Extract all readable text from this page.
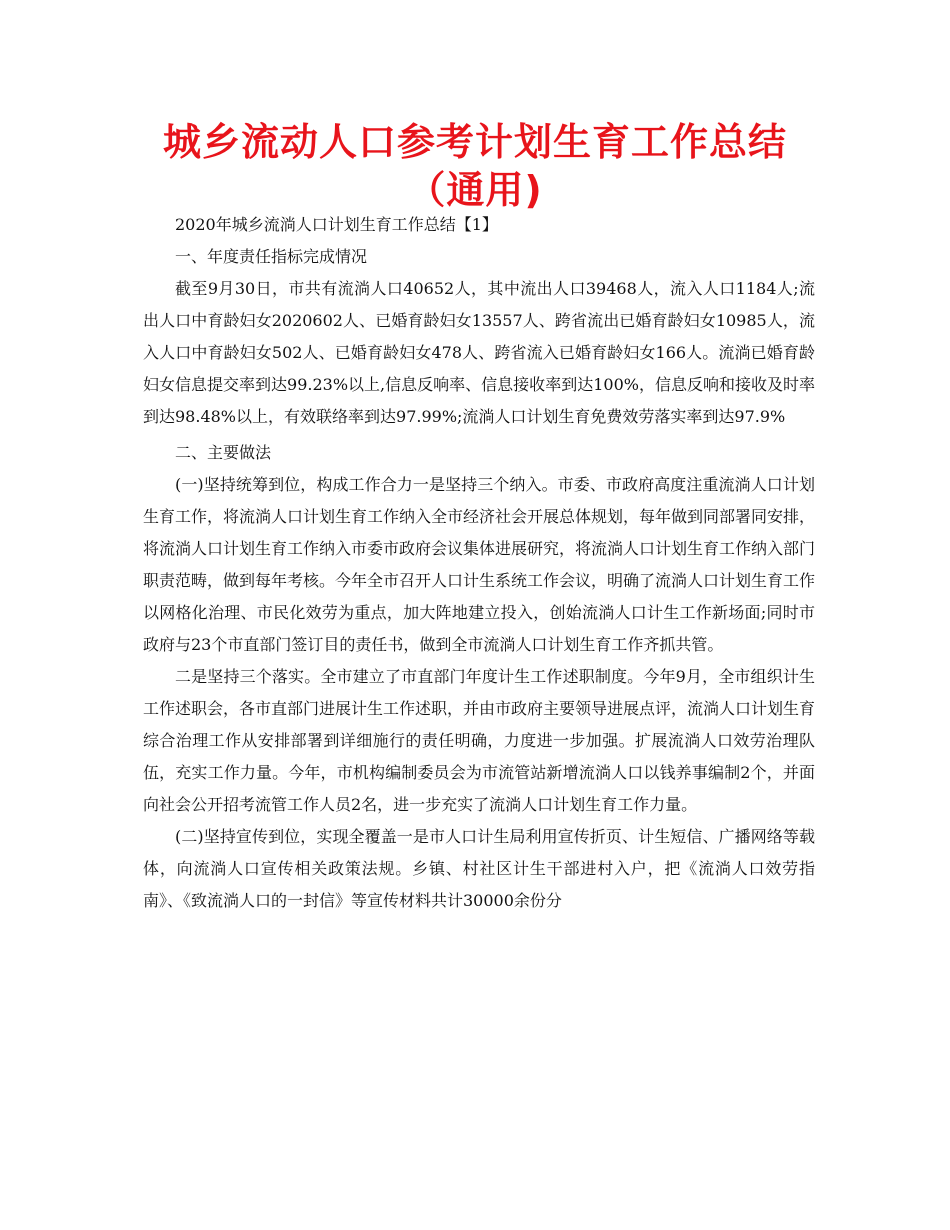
城乡流动人口参考计划生育工作总结（通用)

2020年城乡流淌人口计划生育工作总结【1】

一、年度责任指标完成情况

截至9月30日，市共有流淌人口40652人，其中流出人口39468人，流入人口1184人;流出人口中育龄妇女2020602人、已婚育龄妇女13557人、跨省流出已婚育龄妇女10985人，流入人口中育龄妇女502人、已婚育龄妇女478人、跨省流入已婚育龄妇女166人。流淌已婚育龄妇女信息提交率到达99.23%以上,信息反响率、信息接收率到达100%，信息反响和接收及时率到达98.48%以上，有效联络率到达97.99%;流淌人口计划生育免费效劳落实率到达97.9%

二、主要做法

(一)坚持统筹到位，构成工作合力一是坚持三个纳入。市委、市政府高度注重流淌人口计划生育工作，将流淌人口计划生育工作纳入全市经济社会开展总体规划，每年做到同部署同安排，将流淌人口计划生育工作纳入市委市政府会议集体进展研究，将流淌人口计划生育工作纳入部门职责范畴，做到每年考核。今年全市召开人口计生系统工作会议，明确了流淌人口计划生育工作以网格化治理、市民化效劳为重点，加大阵地建立投入，创始流淌人口计生工作新场面;同时市政府与23个市直部门签订目的责任书，做到全市流淌人口计划生育工作齐抓共管。

二是坚持三个落实。全市建立了市直部门年度计生工作述职制度。今年9月，全市组织计生工作述职会，各市直部门进展计生工作述职，并由市政府主要领导进展点评，流淌人口计划生育综合治理工作从安排部署到详细施行的责任明确，力度进一步加强。扩展流淌人口效劳治理队伍，充实工作力量。今年，市机构编制委员会为市流管站新增流淌人口以钱养事编制2个，并面向社会公开招考流管工作人员2名，进一步充实了流淌人口计划生育工作力量。

(二)坚持宣传到位，实现全覆盖一是市人口计生局利用宣传折页、计生短信、广播网络等载体，向流淌人口宣传相关政策法规。乡镇、村社区计生干部进村入户，把《流淌人口效劳指南》、《致流淌人口的一封信》等宣传材料共计30000余份分
